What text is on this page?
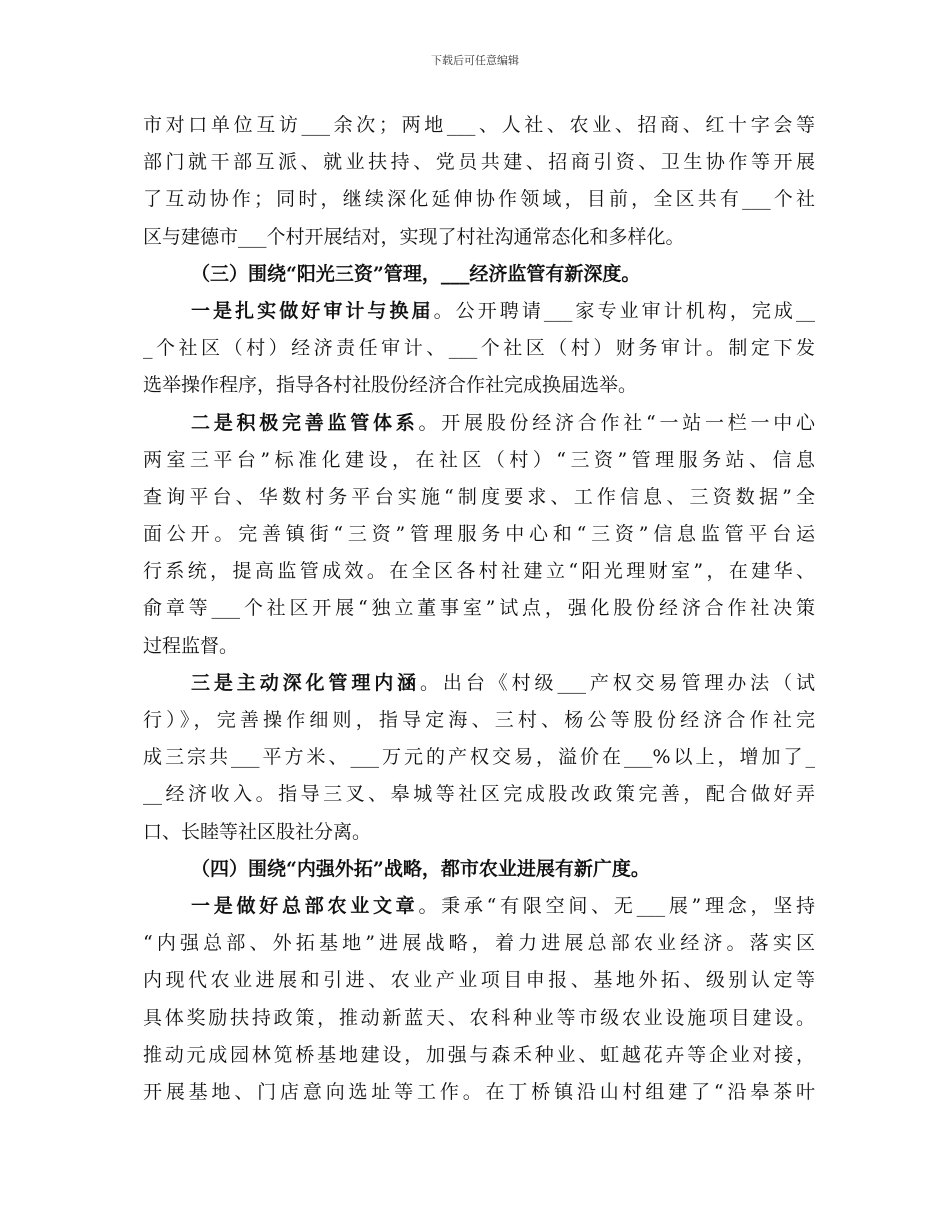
下载后可任意编辑
市对口单位互访___余次；两地___、人社、农业、招商、红十字会等
部门就干部互派、就业扶持、党员共建、招商引资、卫生协作等开展
了互动协作；同时，继续深化延伸协作领域，目前，全区共有___个社
区与建德市___个村开展结对，实现了村社沟通常态化和多样化。
（三）围绕“阳光三资”管理，___经济监管有新深度。
一是扎实做好审计与换届。公开聘请___家专业审计机构，完成__
_个社区（村）经济责任审计、___个社区（村）财务审计。制定下发
选举操作程序，指导各村社股份经济合作社完成换届选举。
二是积极完善监管体系。开展股份经济合作社“一站一栏一中心
两室三平台”标准化建设，在社区（村）“三资”管理服务站、信息
查询平台、华数村务平台实施“制度要求、工作信息、三资数据”全
面公开。完善镇街“三资”管理服务中心和“三资”信息监管平台运
行系统，提高监管成效。在全区各村社建立“阳光理财室”，在建华、
俞章等___个社区开展“独立董事室”试点，强化股份经济合作社决策
过程监督。
三是主动深化管理内涵。出台《村级___产权交易管理办法（试
行）》，完善操作细则，指导定海、三村、杨公等股份经济合作社完
成三宗共___平方米、___万元的产权交易，溢价在___%以上，增加了_
__经济收入。指导三叉、皋城等社区完成股改政策完善，配合做好弄
口、长睦等社区股社分离。
（四）围绕“内强外拓”战略，都市农业进展有新广度。
一是做好总部农业文章。秉承“有限空间、无___展”理念，坚持
“内强总部、外拓基地”进展战略，着力进展总部农业经济。落实区
内现代农业进展和引进、农业产业项目申报、基地外拓、级别认定等
具体奖励扶持政策，推动新蓝天、农科种业等市级农业设施项目建设。
推动元成园林笕桥基地建设，加强与森禾种业、虹越花卉等企业对接，
开展基地、门店意向选址等工作。在丁桥镇沿山村组建了“沿皋茶叶
